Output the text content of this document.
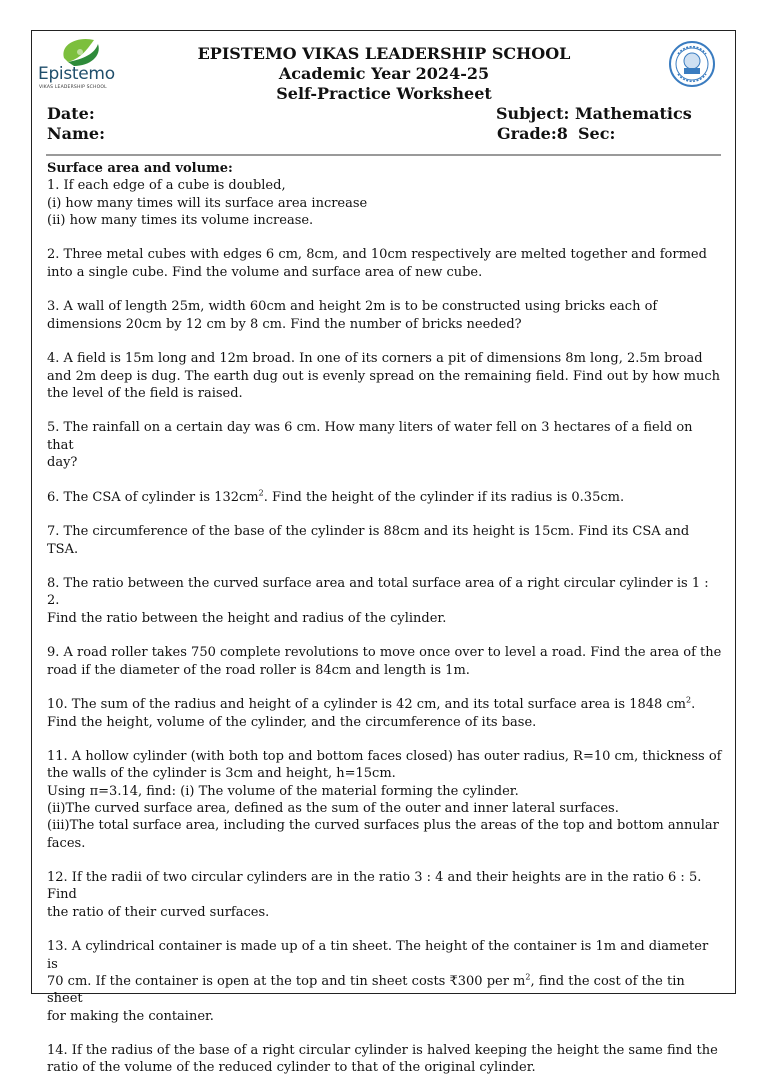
Epistemo
VIKAS LEADERSHIP SCHOOL
EPISTEMO VIKAS LEADERSHIP SCHOOL
Academic Year 2024-25
Self-Practice Worksheet
Date:
Name:
Subject: Mathematics
Grade:8 Sec:

Surface area and volume:

1. If each edge of a cube is doubled,

(i) how many times will its surface area increase

(ii) how many times its volume increase.

2. Three metal cubes with edges 6 cm, 8cm, and 10cm respectively are melted together and formed

into a single cube. Find the volume and surface area of new cube.

3. A wall of length 25m, width 60cm and height 2m is to be constructed using bricks each of

dimensions 20cm by 12 cm by 8 cm. Find the number of bricks needed?

4. A field is 15m long and 12m broad. In one of its corners a pit of dimensions 8m long, 2.5m broad

and 2m deep is dug. The earth dug out is evenly spread on the remaining field. Find out by how much

the level of the field is raised.

5. The rainfall on a certain day was 6 cm. How many liters of water fell on 3 hectares of a field on that

day?

6. The CSA of cylinder is $132cm^2$. Find the height of the cylinder if its radius is 0.35cm.

7. The circumference of the base of the cylinder is 88cm and its height is 15cm. Find its CSA and TSA.

8. The ratio between the curved surface area and total surface area of a right circular cylinder is 1 : 2.

Find the ratio between the height and radius of the cylinder.

9. A road roller takes 750 complete revolutions to move once over to level a road. Find the area of the

road if the diameter of the road roller is 84cm and length is 1m.

10. The sum of the radius and height of a cylinder is 42 cm, and its total surface area is 1848 $cm^2$.

Find the height, volume of the cylinder, and the circumference of its base.

11. A hollow cylinder (with both top and bottom faces closed) has outer radius, R=10 cm, thickness of

the walls of the cylinder is 3cm and height, h=15cm.

Using π=3.14, find: (i) The volume of the material forming the cylinder.

(ii)The curved surface area, defined as the sum of the outer and inner lateral surfaces.

(iii)The total surface area, including the curved surfaces plus the areas of the top and bottom annular

faces.

12. If the radii of two circular cylinders are in the ratio 3 : 4 and their heights are in the ratio 6 : 5. Find

the ratio of their curved surfaces.

13. A cylindrical container is made up of a tin sheet. The height of the container is 1m and diameter is

70 cm. If the container is open at the top and tin sheet costs ₹300 per $m^2$, find the cost of the tin sheet

for making the container.

14. If the radius of the base of a right circular cylinder is halved keeping the height the same find the

ratio of the volume of the reduced cylinder to that of the original cylinder.
